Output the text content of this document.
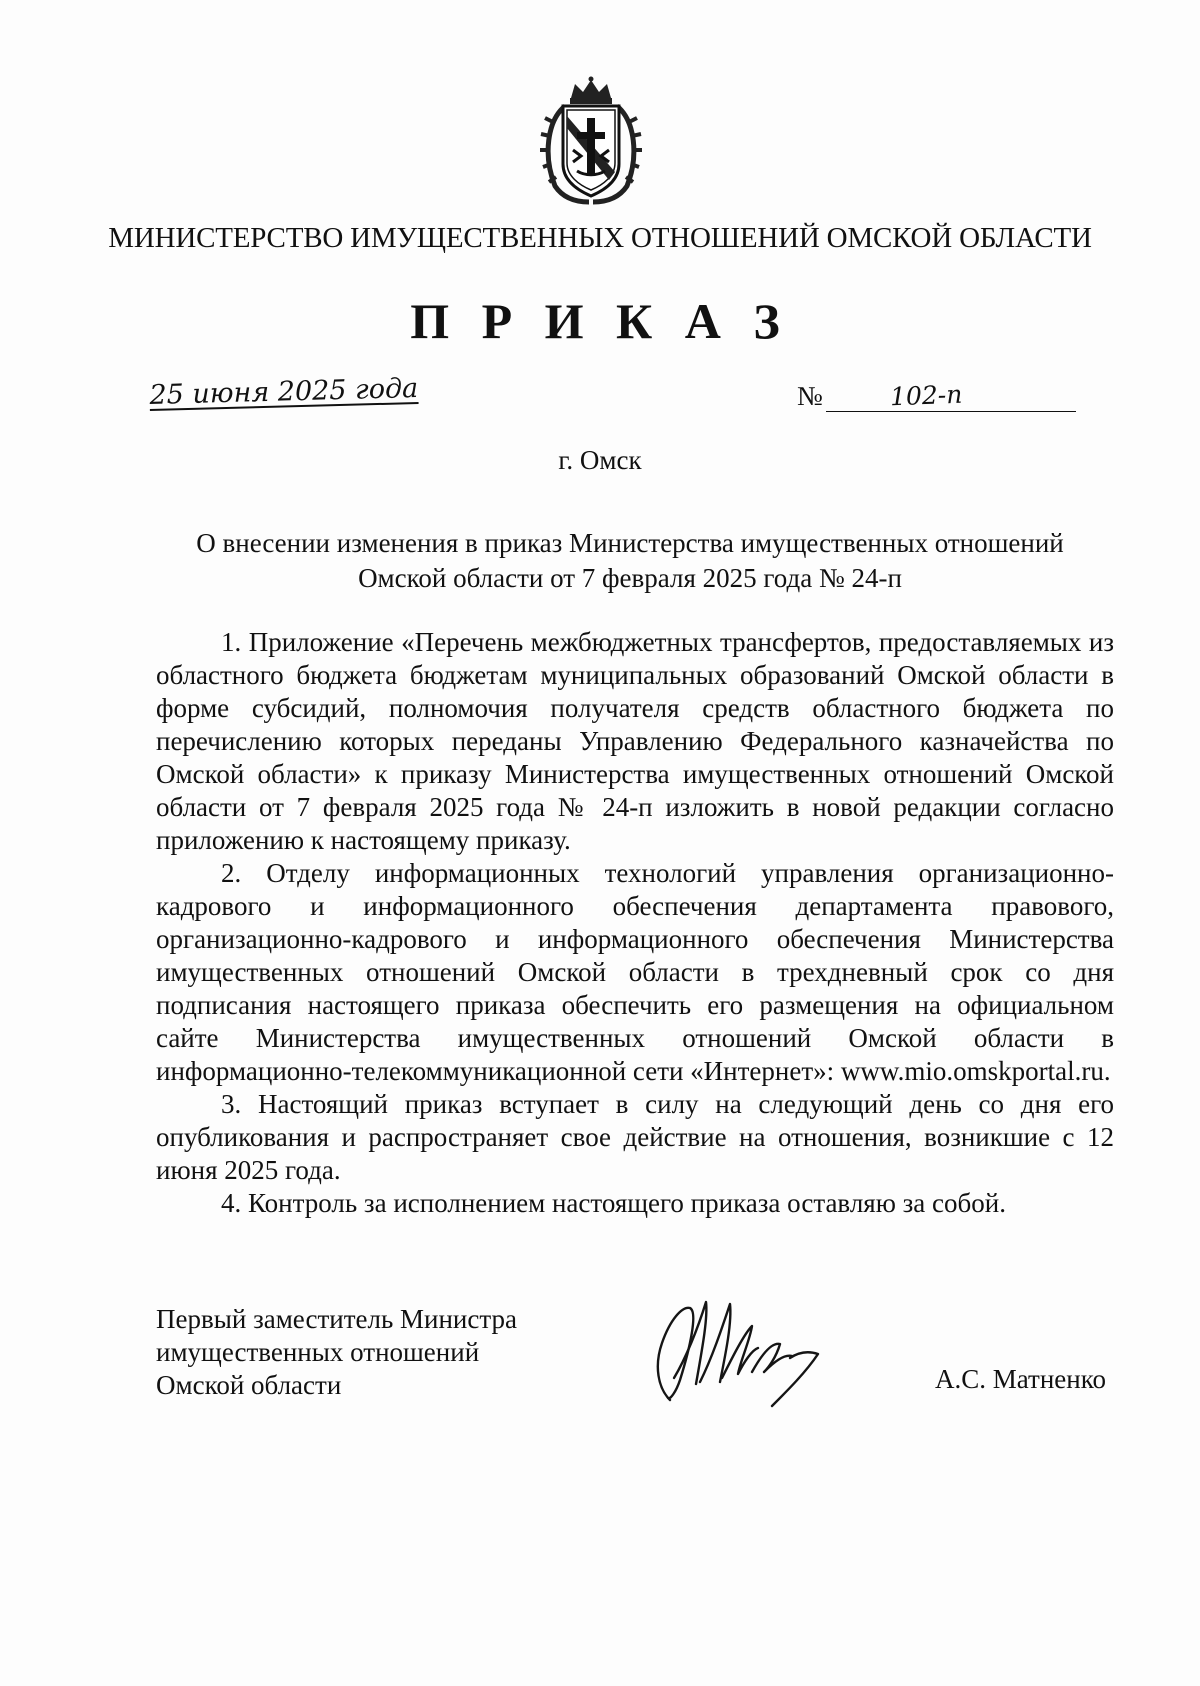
МИНИСТЕРСТВО ИМУЩЕСТВЕННЫХ ОТНОШЕНИЙ ОМСКОЙ ОБЛАСТИ
П Р И К А З
25 июня 2025 года	№	102-п
г. Омск
О внесении изменения в приказ Министерства имущественных отношений
Омской области от 7 февраля 2025 года № 24-п

1. Приложение «Перечень межбюджетных трансфертов, предоставляемых из областного бюджета бюджетам муниципальных образований Омской области в форме субсидий, полномочия получателя средств областного бюджета по перечислению которых переданы Управлению Федерального казначейства по Омской области» к приказу Министерства имущественных отношений Омской области от 7 февраля 2025 года № 24-п изложить в новой редакции согласно приложению к настоящему приказу.

2. Отделу информационных технологий управления организационно-кадрового и информационного обеспечения департамента правового, организационно-кадрового и информационного обеспечения Министерства имущественных отношений Омской области в трехдневный срок со дня подписания настоящего приказа обеспечить его размещения на официальном сайте Министерства имущественных отношений Омской области в информационно-телекоммуникационной сети «Интернет»: www.mio.omskportal.ru.

3. Настоящий приказ вступает в силу на следующий день со дня его опубликования и распространяет свое действие на отношения, возникшие с 12 июня 2025 года.

4. Контроль за исполнением настоящего приказа оставляю за собой.

Первый заместитель Министра
имущественных отношений
Омской области	А.С. Матненко
